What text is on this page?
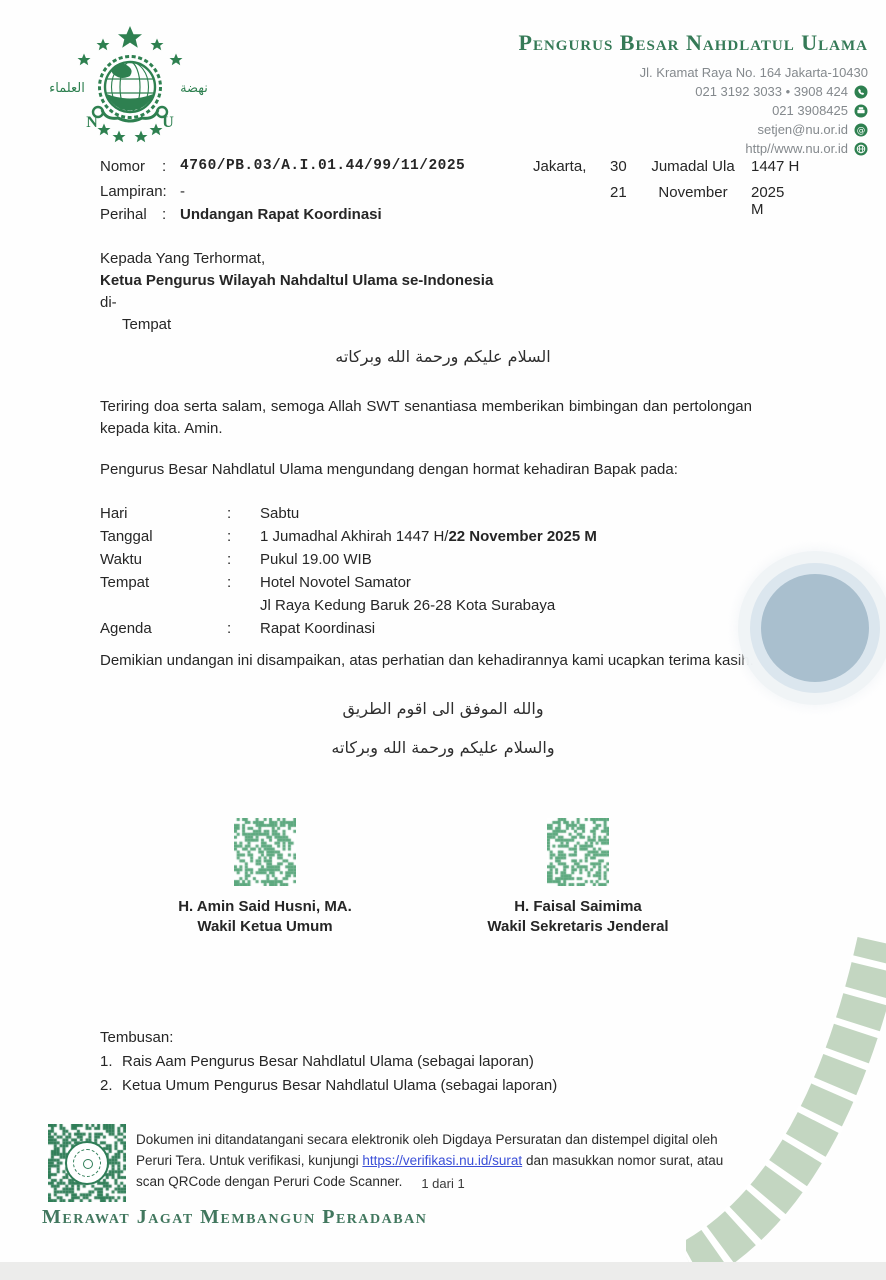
العلماء	نهضة
N	U
Pengurus Besar Nahdlatul Ulama
Jl. Kramat Raya No. 164 Jakarta-10430
021 3192 3033 • 3908 424
021 3908425
setjen@nu.or.id @
http//www.nu.or.id
Nomor : 4760/PB.03/A.I.01.44/99/11/2025	Jakarta, 30	Jumadal Ula	1447 H
Lampiran: -	21	November	2025 M
Perihal : Undangan Rapat Koordinasi
Kepada Yang Terhormat,
Ketua Pengurus Wilayah Nahdaltul Ulama se-Indonesia
di-
Tempat
السلام عليكم ورحمة الله وبركاته
Teriring doa serta salam, semoga Allah SWT senantiasa memberikan bimbingan dan pertolongan kepada kita. Amin.
Pengurus Besar Nahdlatul Ulama mengundang dengan hormat kehadiran Bapak pada:
Hari	:	Sabtu
Tanggal	:	1 Jumadhal Akhirah 1447 H/22 November 2025 M
Waktu	:	Pukul 19.00 WIB
Tempat	:	Hotel Novotel Samator
Jl Raya Kedung Baruk 26-28 Kota Surabaya
Agenda	:	Rapat Koordinasi
Demikian undangan ini disampaikan, atas perhatian dan kehadirannya kami ucapkan terima kasih.
والله الموفق الى اقوم الطريق
والسلام عليكم ورحمة الله وبركاته
H. Amin Said Husni, MA.
Wakil Ketua Umum
H. Faisal Saimima
Wakil Sekretaris Jenderal
Tembusan:
1. Rais Aam Pengurus Besar Nahdlatul Ulama (sebagai laporan)
2. Ketua Umum Pengurus Besar Nahdlatul Ulama (sebagai laporan)
Dokumen ini ditandatangani secara elektronik oleh Digdaya Persuratan dan distempel digital oleh Peruri Tera. Untuk verifikasi, kunjungi https://verifikasi.nu.id/surat dan masukkan nomor surat, atau scan QRCode dengan Peruri Code Scanner.	1 dari 1
Merawat Jagat Membangun Peradaban
